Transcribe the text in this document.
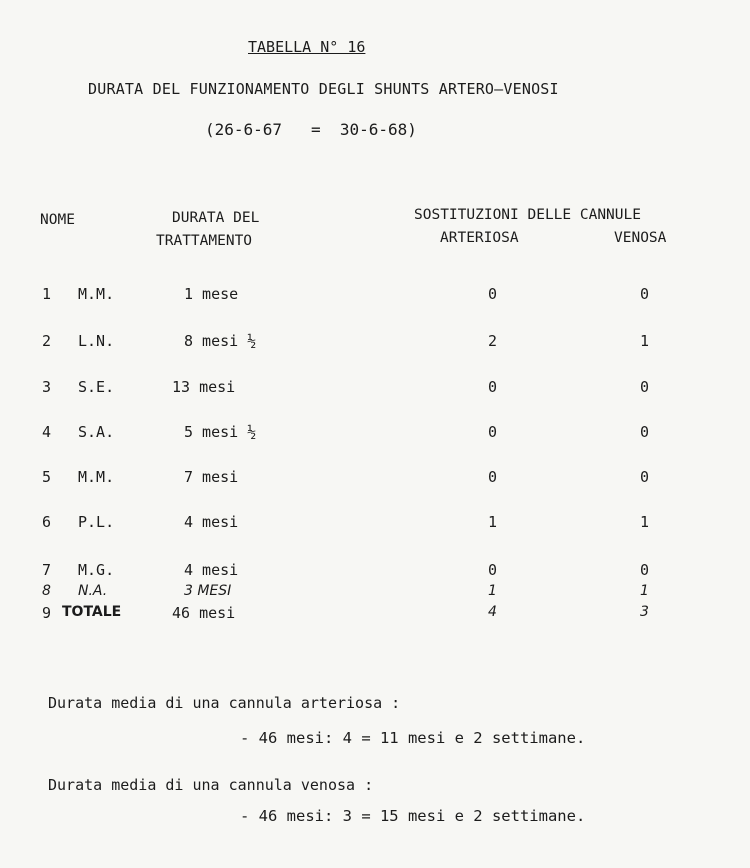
TABELLA N° 16
DURATA DEL FUNZIONAMENTO DEGLI SHUNTS ARTERO–VENOSI
(26-6-67   =  30-6-68)
NOME	DURATA DEL
TRATTAMENTO
SOSTITUZIONI DELLE CANNULE
ARTERIOSA	VENOSA
1 M.M.	1 mese	0	0
2 L.N.	8 mesi ½	2	1
3 S.E.	13 mesi	0	0
4 S.A.	5 mesi ½	0	0
5 M.M.	7 mesi	0	0
6 P.L.	4 mesi	1	1
7 M.G.	4 mesi	0	0
8 N.A.	3 MESI	1	1
9 TOTALE	46 mesi	4	3
Durata media di una cannula arteriosa :
- 46 mesi: 4 = 11 mesi e 2 settimane.
Durata media di una cannula venosa :
- 46 mesi: 3 = 15 mesi e 2 settimane.
